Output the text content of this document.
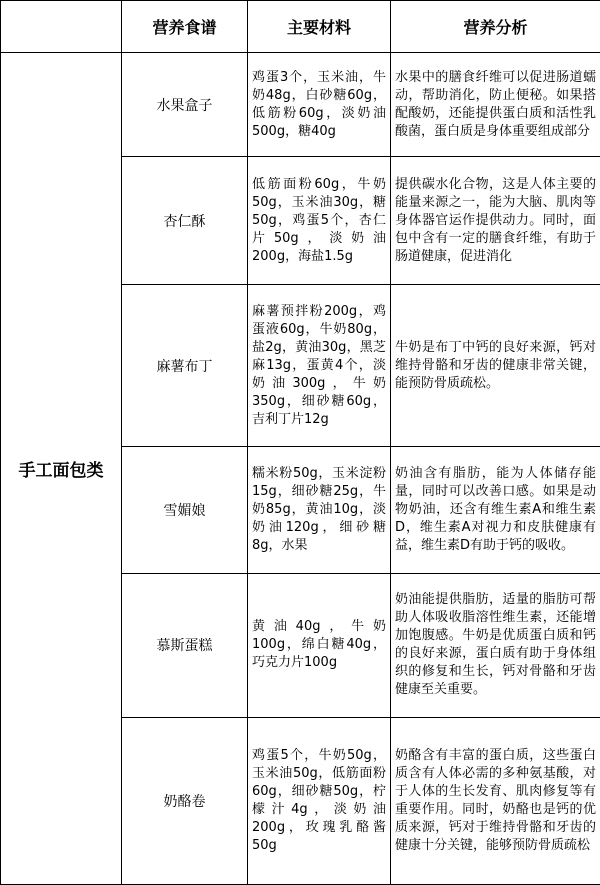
	营养食谱	主要材料	营养分析
手工面包类	水果盒子	鸡蛋3个，玉米油，牛奶48g，白砂糖60g，低筋粉60g，淡奶油500g，糖40g	水果中的膳食纤维可以促进肠道蠕动，帮助消化，防止便秘。如果搭配酸奶，还能提供蛋白质和活性乳酸菌，蛋白质是身体重要组成部分
	杏仁酥	低筋面粉60g，牛奶50g，玉米油30g，糖50g，鸡蛋5个，杏仁片50g，淡奶油200g，海盐1.5g	提供碳水化合物，这是人体主要的能量来源之一，能为大脑、肌肉等身体器官运作提供动力。同时，面包中含有一定的膳食纤维，有助于肠道健康，促进消化
	麻薯布丁	麻薯预拌粉200g，鸡蛋液60g，牛奶80g，盐2g，黄油30g，黑芝麻13g，蛋黄4个，淡奶油300g，牛奶350g，细砂糖60g，吉利丁片12g	牛奶是布丁中钙的良好来源，钙对维持骨骼和牙齿的健康非常关键，能预防骨质疏松。
	雪媚娘	糯米粉50g，玉米淀粉15g，细砂糖25g，牛奶85g，黄油10g，淡奶油120g，细砂糖8g，水果	奶油含有脂肪，能为人体储存能量，同时可以改善口感。如果是动物奶油，还含有维生素A和维生素D，维生素A对视力和皮肤健康有益，维生素D有助于钙的吸收。
	慕斯蛋糕	黄油40g，牛奶100g，绵白糖40g，巧克力片100g	奶油能提供脂肪，适量的脂肪可帮助人体吸收脂溶性维生素，还能增加饱腹感。牛奶是优质蛋白质和钙的良好来源，蛋白质有助于身体组织的修复和生长，钙对骨骼和牙齿健康至关重要。
	奶酪卷	鸡蛋5个，牛奶50g，玉米油50g，低筋面粉60g，细砂糖50g，柠檬汁4g，淡奶油200g，玫瑰乳酪酱50g	奶酪含有丰富的蛋白质，这些蛋白质含有人体必需的多种氨基酸，对于人体的生长发育、肌肉修复等有重要作用。同时，奶酪也是钙的优质来源，钙对于维持骨骼和牙齿的健康十分关键，能够预防骨质疏松
